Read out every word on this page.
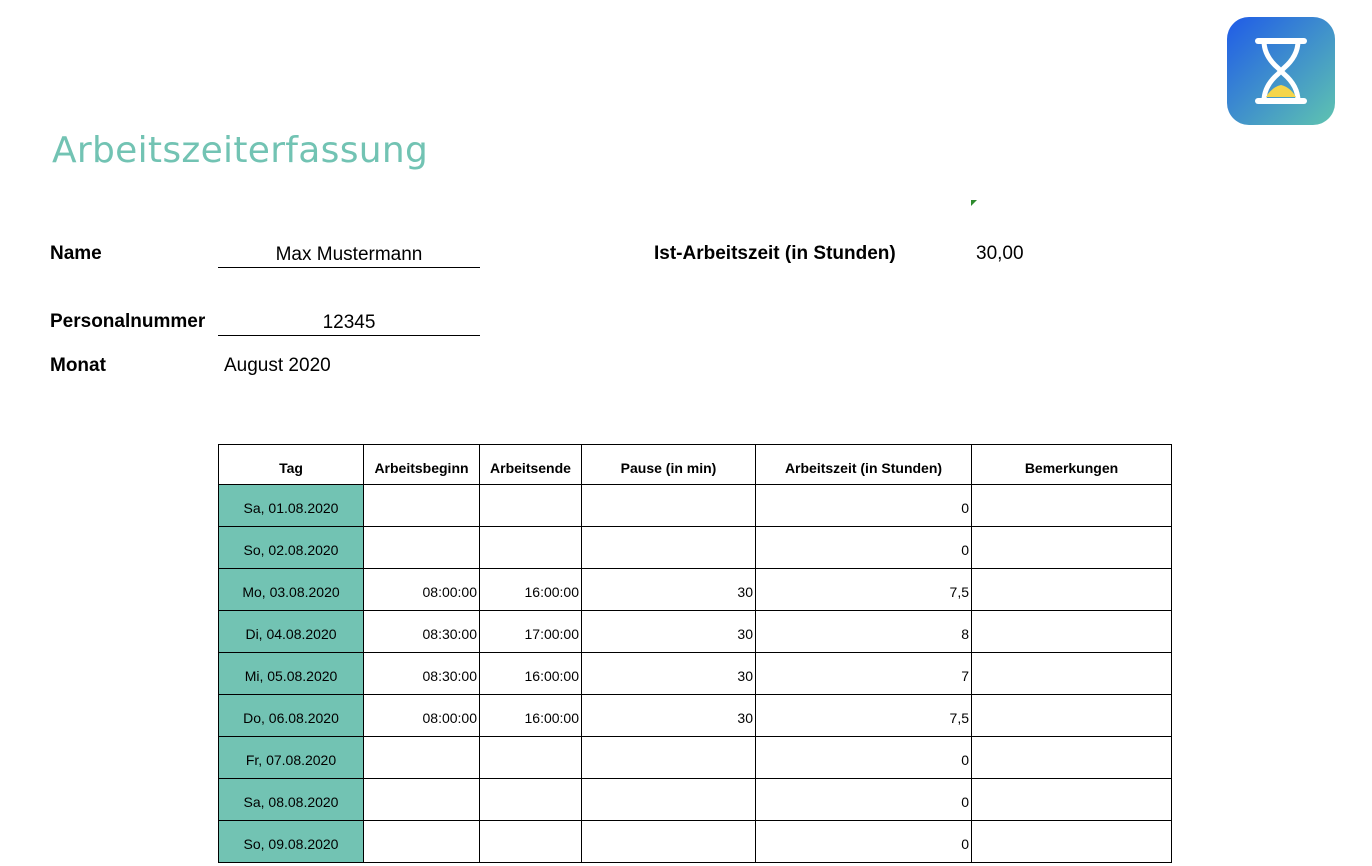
Arbeitszeiterfassung
Name	Max Mustermann	Ist-Arbeitszeit (in Stunden)	30,00
Personalnummer	12345
Monat	August 2020
Tag	Arbeitsbeginn	Arbeitsende	Pause (in min)	Arbeitszeit (in Stunden)	Bemerkungen
Sa, 01.08.2020				0	
So, 02.08.2020				0	
Mo, 03.08.2020	08:00:00	16:00:00	30	7,5	
Di, 04.08.2020	08:30:00	17:00:00	30	8	
Mi, 05.08.2020	08:30:00	16:00:00	30	7	
Do, 06.08.2020	08:00:00	16:00:00	30	7,5	
Fr, 07.08.2020				0	
Sa, 08.08.2020				0	
So, 09.08.2020				0	
